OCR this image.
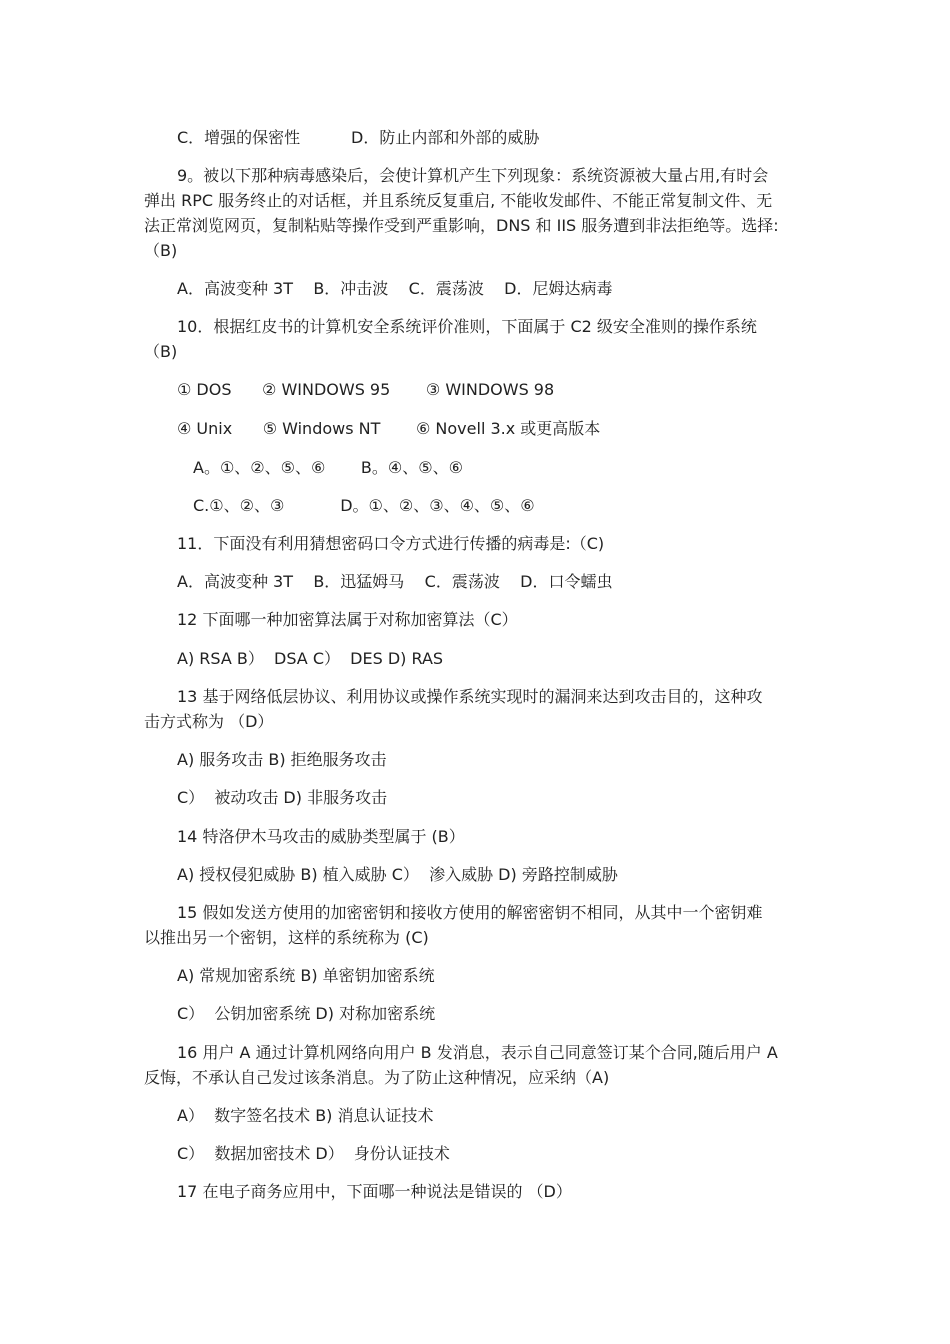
C．增强的保密性          D．防止内部和外部的威胁
9。被以下那种病毒感染后，会使计算机产生下列现象：系统资源被大量占用,有时会
弹出 RPC 服务终止的对话框，并且系统反复重启, 不能收发邮件、不能正常复制文件、无
法正常浏览网页，复制粘贴等操作受到严重影响，DNS 和 IIS 服务遭到非法拒绝等。选择:
（B)
A．高波变种 3T    B．冲击波    C．震荡波    D．尼姆达病毒
10．根据红皮书的计算机安全系统评价准则，下面属于 C2 级安全准则的操作系统
（B)
① DOS      ② WINDOWS 95       ③ WINDOWS 98
④ Unix      ⑤ Windows NT       ⑥ Novell 3.x 或更高版本
A。①、②、⑤、⑥       B。④、⑤、⑥
C.①、②、③           D。①、②、③、④、⑤、⑥
11．下面没有利用猜想密码口令方式进行传播的病毒是:（C)
A．高波变种 3T    B．迅猛姆马    C．震荡波    D．口令蠕虫
12 下面哪一种加密算法属于对称加密算法（C）
A) RSA B）  DSA C）  DES D) RAS
13 基于网络低层协议、利用协议或操作系统实现时的漏洞来达到攻击目的，这种攻
击方式称为 （D）
A) 服务攻击 B) 拒绝服务攻击
C）  被动攻击 D) 非服务攻击
14 特洛伊木马攻击的威胁类型属于 (B）
A) 授权侵犯威胁 B) 植入威胁 C）  渗入威胁 D) 旁路控制威胁
15 假如发送方使用的加密密钥和接收方使用的解密密钥不相同，从其中一个密钥难
以推出另一个密钥，这样的系统称为 (C)
A) 常规加密系统 B) 单密钥加密系统
C）  公钥加密系统 D) 对称加密系统
16 用户 A 通过计算机网络向用户 B 发消息，表示自己同意签订某个合同,随后用户 A
反悔，不承认自己发过该条消息。为了防止这种情况，应采纳（A)
A）  数字签名技术 B) 消息认证技术
C）  数据加密技术 D）  身份认证技术
17 在电子商务应用中，下面哪一种说法是错误的 （D）
